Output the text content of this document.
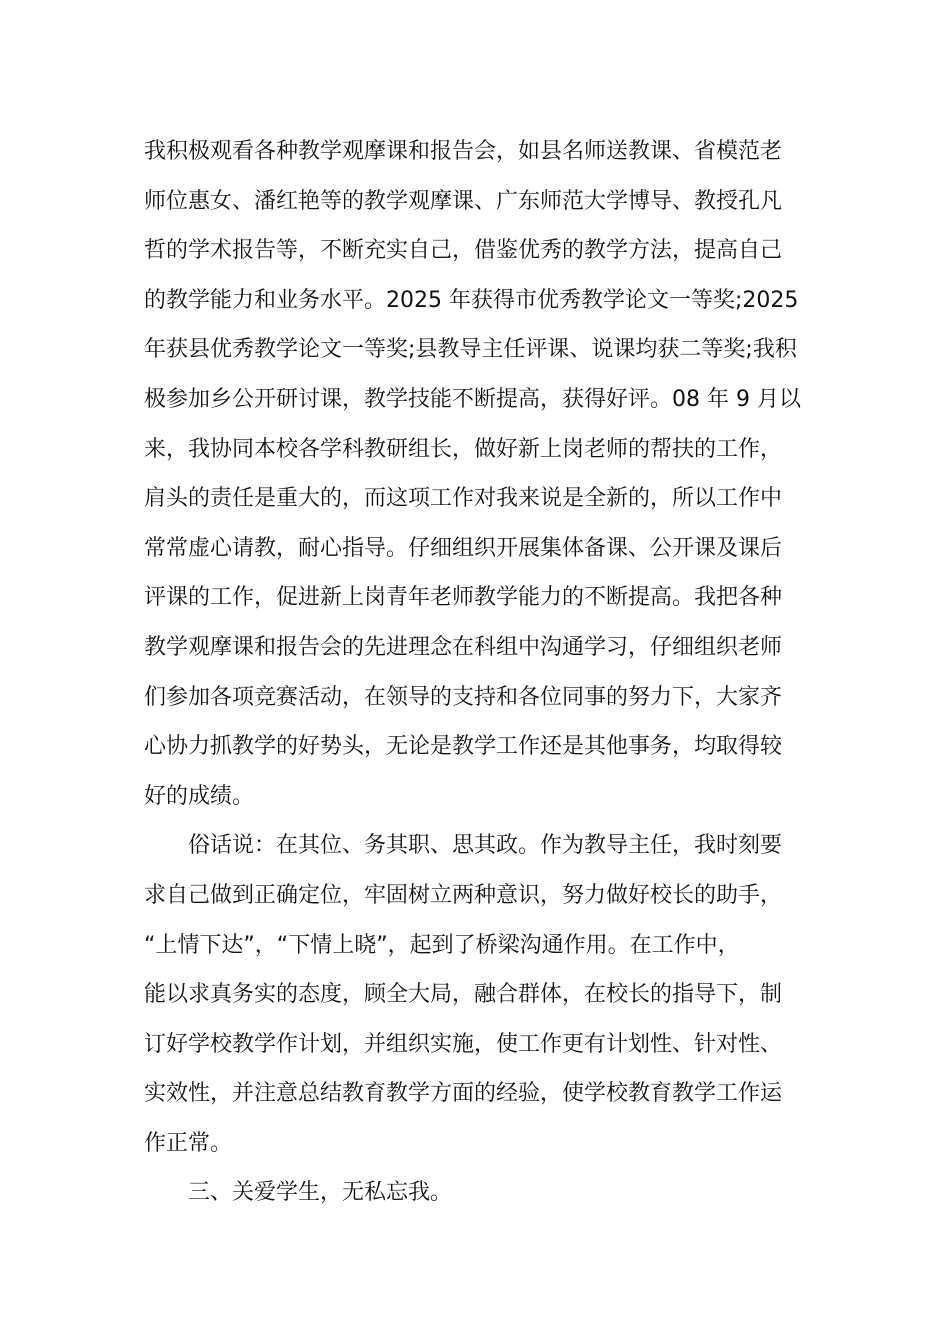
我积极观看各种教学观摩课和报告会，如县名师送教课、省模范老
师位惠女、潘红艳等的教学观摩课、广东师范大学博导、教授孔凡
哲的学术报告等，不断充实自己，借鉴优秀的教学方法，提高自己
的教学能力和业务水平。2025 年获得市优秀教学论文一等奖;2025
年获县优秀教学论文一等奖;县教导主任评课、说课均获二等奖;我积
极参加乡公开研讨课，教学技能不断提高，获得好评。08 年 9 月以
来，我协同本校各学科教研组长，做好新上岗老师的帮扶的工作，
肩头的责任是重大的，而这项工作对我来说是全新的，所以工作中
常常虚心请教，耐心指导。仔细组织开展集体备课、公开课及课后
评课的工作，促进新上岗青年老师教学能力的不断提高。我把各种
教学观摩课和报告会的先进理念在科组中沟通学习，仔细组织老师
们参加各项竞赛活动，在领导的支持和各位同事的努力下，大家齐
心协力抓教学的好势头，无论是教学工作还是其他事务，均取得较
好的成绩。
　　俗话说：在其位、务其职、思其政。作为教导主任，我时刻要
求自己做到正确定位，牢固树立两种意识，努力做好校长的助手，
“上情下达”，“下情上晓”，起到了桥梁沟通作用。在工作中，
能以求真务实的态度，顾全大局，融合群体，在校长的指导下，制
订好学校教学作计划，并组织实施，使工作更有计划性、针对性、
实效性，并注意总结教育教学方面的经验，使学校教育教学工作运
作正常。
　　三、关爱学生，无私忘我。
